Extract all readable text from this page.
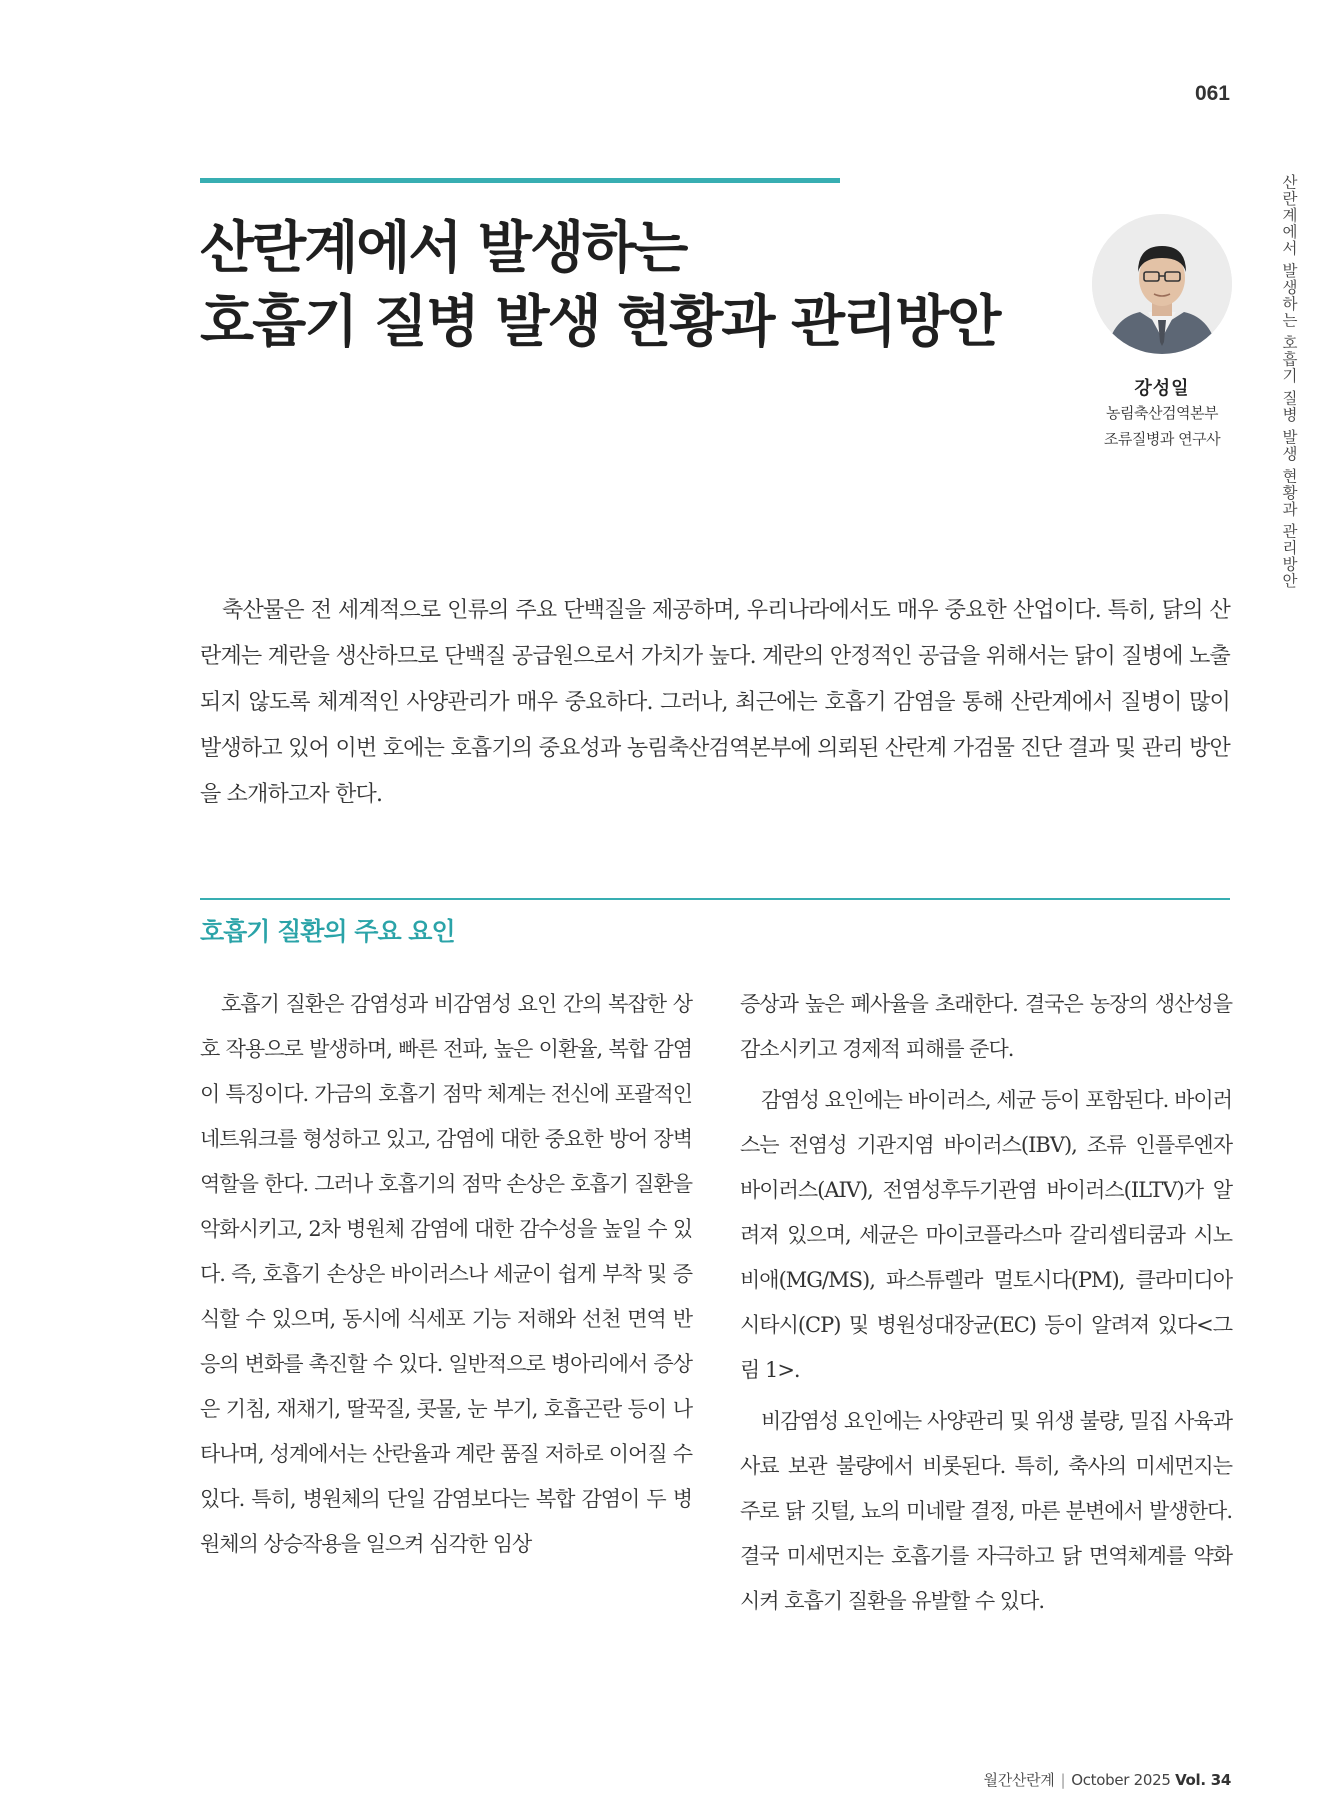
061
산란계에서 발생하는
호흡기 질병 발생 현황과 관리방안
강성일
농림축산검역본부
조류질병과 연구사	산란계에서 발생하는 호흡기 질병 발생 현황과 관리방안

축산물은 전 세계적으로 인류의 주요 단백질을 제공하며, 우리나라에서도 매우 중요한 산업이다. 특히, 닭의 산란계는 계란을 생산하므로 단백질 공급원으로서 가치가 높다. 계란의 안정적인 공급을 위해서는 닭이 질병에 노출되지 않도록 체계적인 사양관리가 매우 중요하다. 그러나, 최근에는 호흡기 감염을 통해 산란계에서 질병이 많이 발생하고 있어 이번 호에는 호흡기의 중요성과 농림축산검역본부에 의뢰된 산란계 가검물 진단 결과 및 관리 방안을 소개하고자 한다.

호흡기 질환의 주요 요인

호흡기 질환은 감염성과 비감염성 요인 간의 복잡한 상호 작용으로 발생하며, 빠른 전파, 높은 이환율, 복합 감염이 특징이다. 가금의 호흡기 점막 체계는 전신에 포괄적인 네트워크를 형성하고 있고, 감염에 대한 중요한 방어 장벽 역할을 한다. 그러나 호흡기의 점막 손상은 호흡기 질환을 악화시키고, 2차 병원체 감염에 대한 감수성을 높일 수 있다. 즉, 호흡기 손상은 바이러스나 세균이 쉽게 부착 및 증식할 수 있으며, 동시에 식세포 기능 저해와 선천 면역 반응의 변화를 촉진할 수 있다. 일반적으로 병아리에서 증상은 기침, 재채기, 딸꾹질, 콧물, 눈 부기, 호흡곤란 등이 나타나며, 성계에서는 산란율과 계란 품질 저하로 이어질 수 있다. 특히, 병원체의 단일 감염보다는 복합 감염이 두 병원체의 상승작용을 일으켜 심각한 임상

증상과 높은 폐사율을 초래한다. 결국은 농장의 생산성을 감소시키고 경제적 피해를 준다.

감염성 요인에는 바이러스, 세균 등이 포함된다. 바이러스는 전염성 기관지염 바이러스(IBV), 조류 인플루엔자 바이러스(AIV), 전염성후두기관염 바이러스(ILTV)가 알려져 있으며, 세균은 마이코플라스마 갈리셉티쿰과 시노비애(MG/MS), 파스튜렐라 멀토시다(PM), 클라미디아 시타시(CP) 및 병원성대장균(EC) 등이 알려져 있다<그림 1>.

비감염성 요인에는 사양관리 및 위생 불량, 밀집 사육과 사료 보관 불량에서 비롯된다. 특히, 축사의 미세먼지는 주로 닭 깃털, 뇨의 미네랄 결정, 마른 분변에서 발생한다. 결국 미세먼지는 호흡기를 자극하고 닭 면역체계를 약화시켜 호흡기 질환을 유발할 수 있다.

월간산란계 | October 2025 Vol. 34
